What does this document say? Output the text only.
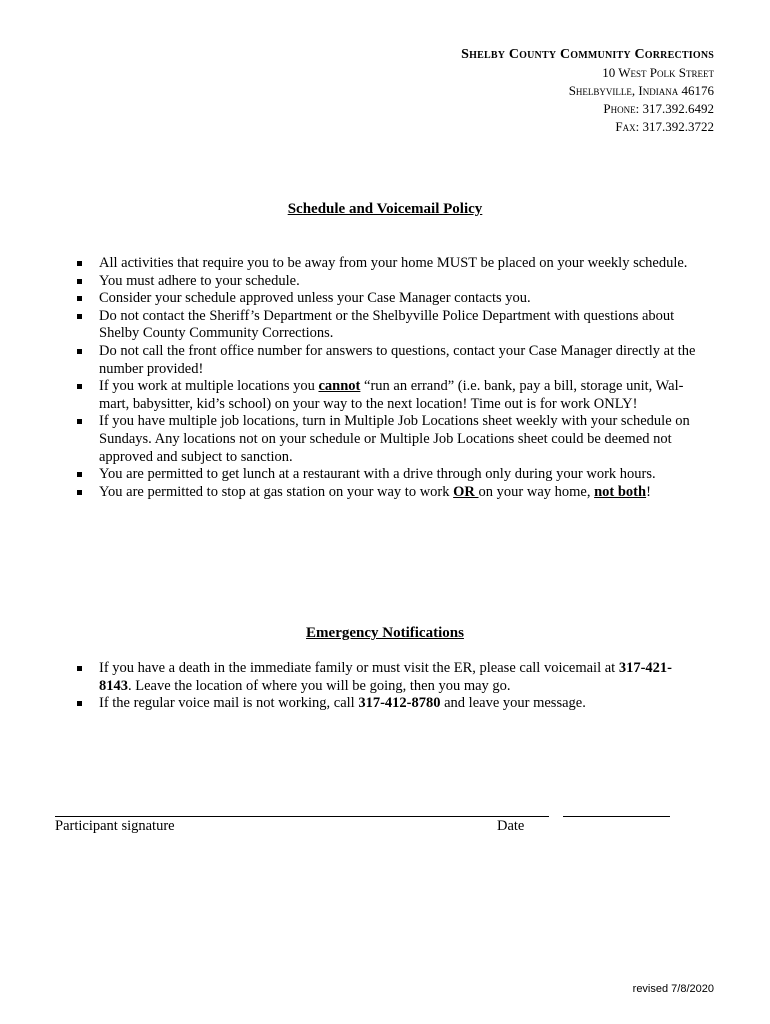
Shelby County Community Corrections
10 West Polk Street
Shelbyville, Indiana 46176
Phone: 317.392.6492
Fax: 317.392.3722
Schedule and Voicemail Policy
All activities that require you to be away from your home MUST be placed on your weekly schedule.
You must adhere to your schedule.
Consider your schedule approved unless your Case Manager contacts you.
Do not contact the Sheriff’s Department or the Shelbyville Police Department with questions about Shelby County Community Corrections.
Do not call the front office number for answers to questions, contact your Case Manager directly at the number provided!
If you work at multiple locations you cannot “run an errand” (i.e. bank, pay a bill, storage unit, Wal-mart, babysitter, kid’s school) on your way to the next location! Time out is for work ONLY!
If you have multiple job locations, turn in Multiple Job Locations sheet weekly with your schedule on Sundays. Any locations not on your schedule or Multiple Job Locations sheet could be deemed not approved and subject to sanction.
You are permitted to get lunch at a restaurant with a drive through only during your work hours.
You are permitted to stop at gas station on your way to work OR on your way home, not both!
Emergency Notifications
If you have a death in the immediate family or must visit the ER, please call voicemail at 317-421-8143. Leave the location of where you will be going, then you may go.
If the regular voice mail is not working, call 317-412-8780 and leave your message.
Participant signature	Date
revised 7/8/2020
